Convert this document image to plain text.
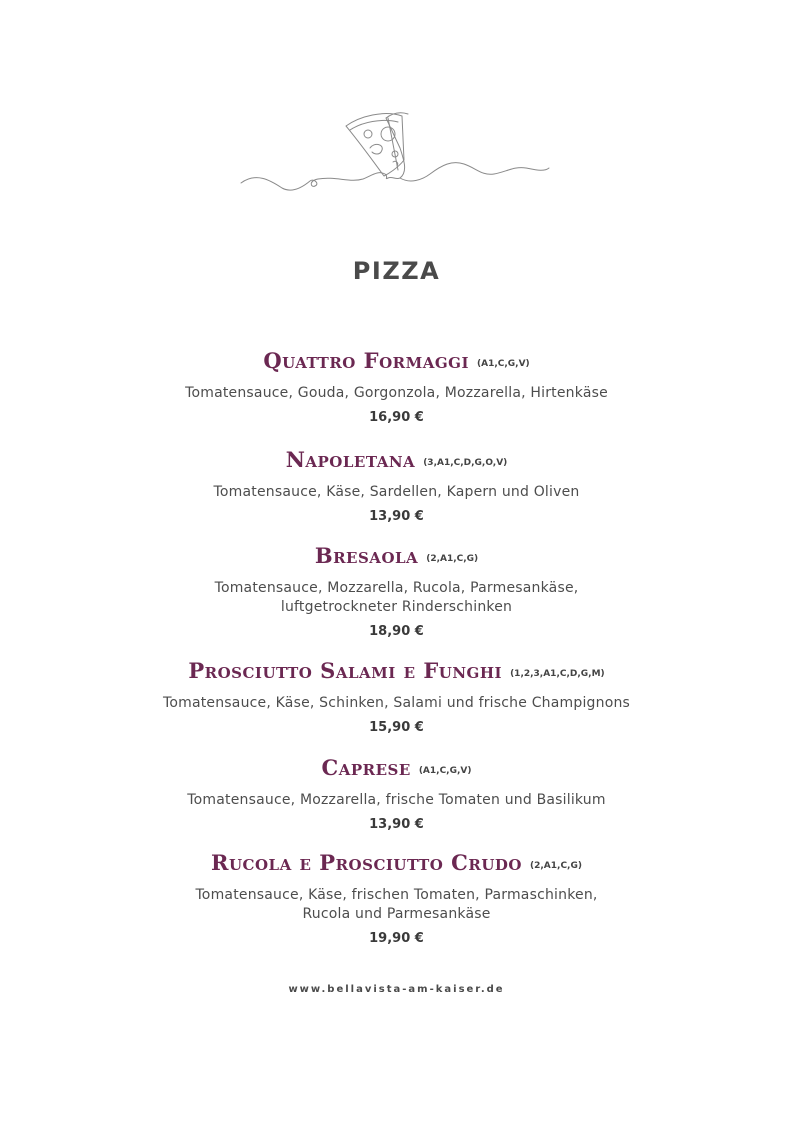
PIZZA
Quattro Formaggi (A1,C,G,V)
Tomatensauce, Gouda, Gorgonzola, Mozzarella, Hirtenkäse
16,90 €
Napoletana (3,A1,C,D,G,O,V)
Tomatensauce, Käse, Sardellen, Kapern und Oliven
13,90 €
Bresaola (2,A1,C,G)
Tomatensauce, Mozzarella, Rucola, Parmesankäse,
luftgetrockneter Rinderschinken
18,90 €
Prosciutto Salami e Funghi (1,2,3,A1,C,D,G,M)
Tomatensauce, Käse, Schinken, Salami und frische Champignons
15,90 €
Caprese (A1,C,G,V)
Tomatensauce, Mozzarella, frische Tomaten und Basilikum
13,90 €
Rucola e Prosciutto Crudo (2,A1,C,G)
Tomatensauce, Käse, frischen Tomaten, Parmaschinken,
Rucola und Parmesankäse
19,90 €
www.bellavista-am-kaiser.de
